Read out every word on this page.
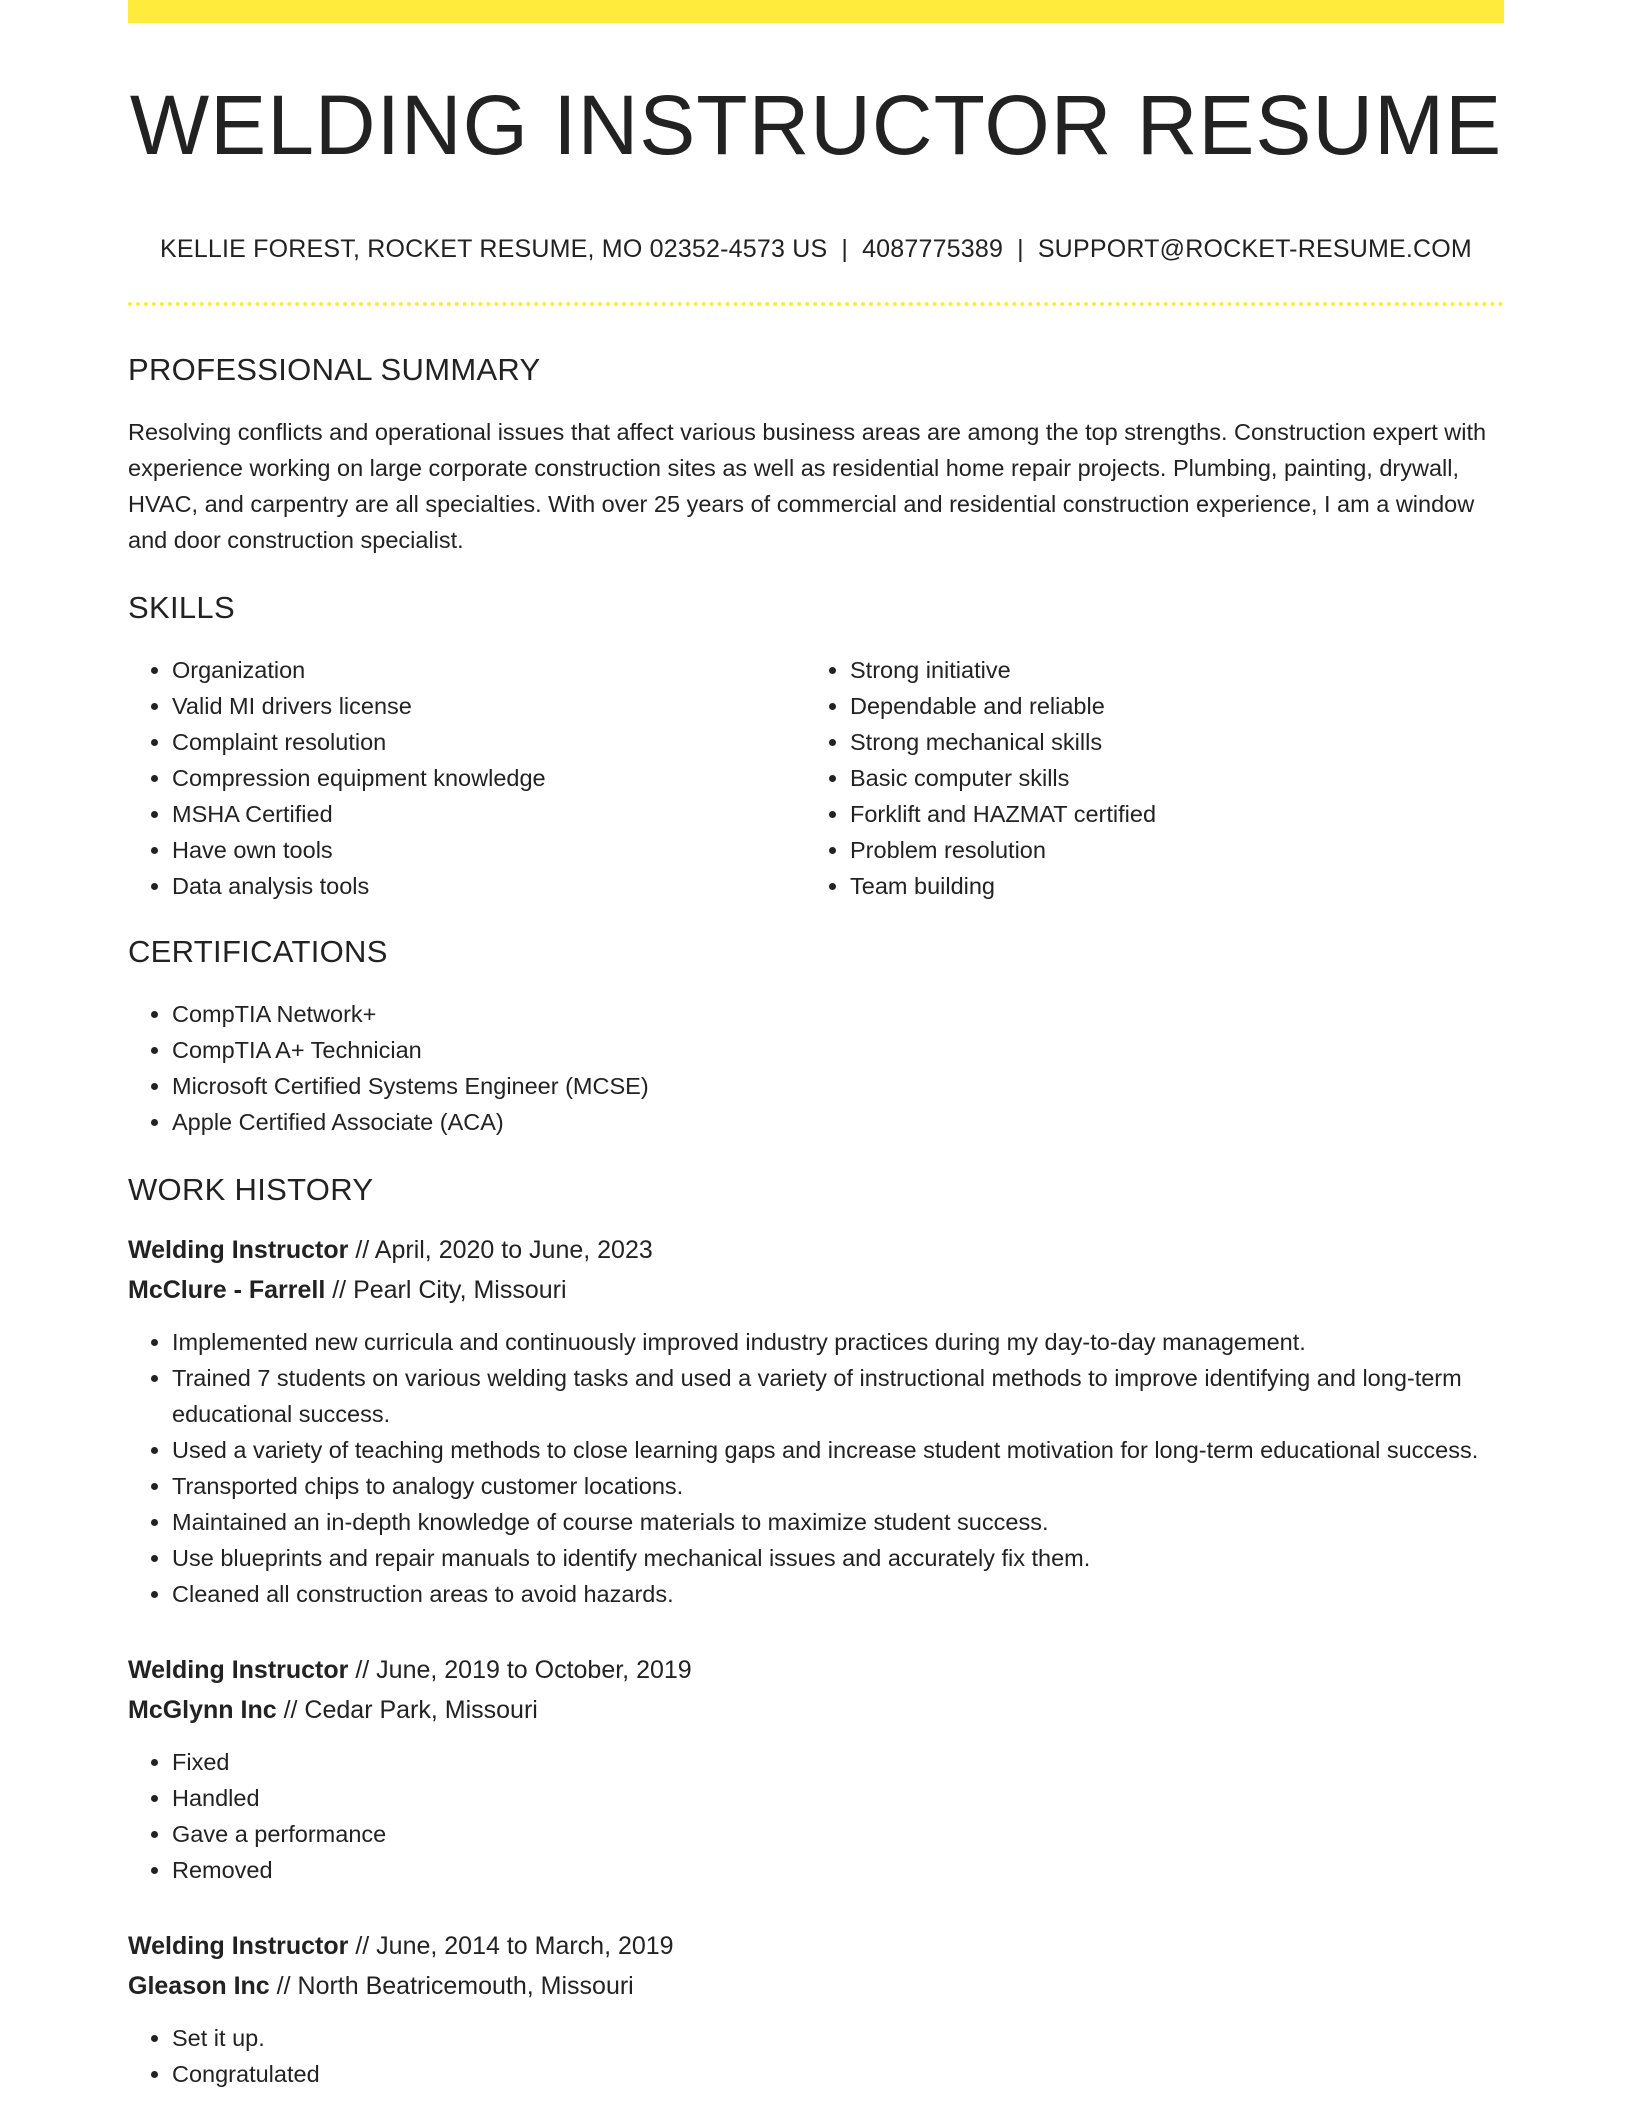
WELDING INSTRUCTOR RESUME
KELLIE FOREST, ROCKET RESUME, MO 02352-4573 US | 4087775389 | SUPPORT@ROCKET-RESUME.COM
PROFESSIONAL SUMMARY

Resolving conflicts and operational issues that affect various business areas are among the top strengths. Construction expert with experience working on large corporate construction sites as well as residential home repair projects. Plumbing, painting, drywall, HVAC, and carpentry are all specialties. With over 25 years of commercial and residential construction experience, I am a window and door construction specialist.

SKILLS
• Organization
• Valid MI drivers license
• Complaint resolution
• Compression equipment knowledge
• MSHA Certified
• Have own tools
• Data analysis tools
• Strong initiative
• Dependable and reliable
• Strong mechanical skills
• Basic computer skills
• Forklift and HAZMAT certified
• Problem resolution
• Team building
CERTIFICATIONS
• CompTIA Network+
• CompTIA A+ Technician
• Microsoft Certified Systems Engineer (MCSE)
• Apple Certified Associate (ACA)
WORK HISTORY
Welding Instructor // April, 2020 to June, 2023
McClure - Farrell // Pearl City, Missouri
• Implemented new curricula and continuously improved industry practices during my day-to-day management.
• Trained 7 students on various welding tasks and used a variety of instructional methods to improve identifying and long-term educational success.
• Used a variety of teaching methods to close learning gaps and increase student motivation for long-term educational success.
• Transported chips to analogy customer locations.
• Maintained an in-depth knowledge of course materials to maximize student success.
• Use blueprints and repair manuals to identify mechanical issues and accurately fix them.
• Cleaned all construction areas to avoid hazards.
Welding Instructor // June, 2019 to October, 2019
McGlynn Inc // Cedar Park, Missouri
• Fixed
• Handled
• Gave a performance
• Removed
Welding Instructor // June, 2014 to March, 2019
Gleason Inc // North Beatricemouth, Missouri
• Set it up.
• Congratulated
